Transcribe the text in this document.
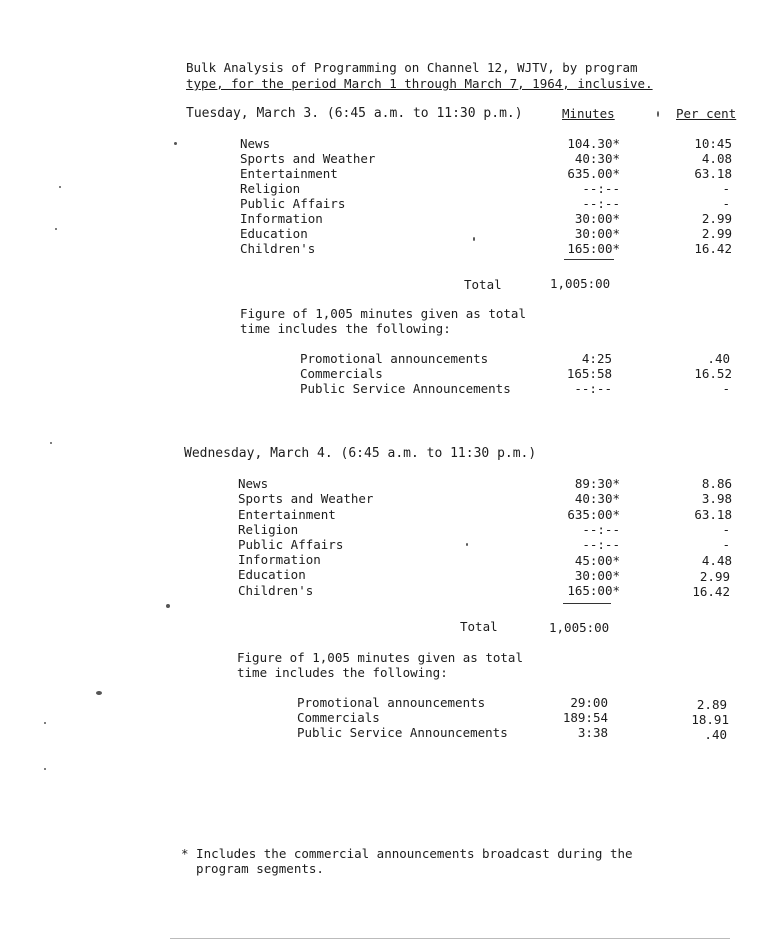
Bulk Analysis of Programming on Channel 12, WJTV, by program
type, for the period March 1 through March 7, 1964, inclusive.
Tuesday, March 3. (6:45 a.m. to 11:30 p.m.)	Minutes	Per cent
News	104.30*	10:45
Sports and Weather	40:30*	4.08
Entertainment	635.00*	63.18
Religion	--:--	-
Public Affairs	--:--	-
Information	30:00*	2.99
Education	30:00*	2.99
Children's	165:00*	16.42
Total	1,005:00
Figure of 1,005 minutes given as total
time includes the following:
Promotional announcements	4:25	.40
Commercials	165:58	16.52
Public Service Announcements	--:--	-
Wednesday, March 4. (6:45 a.m. to 11:30 p.m.)
News	89:30*	8.86
Sports and Weather	40:30*	3.98
Entertainment	635:00*	63.18
Religion	--:--	-
Public Affairs	--:--	-
Information	45:00*	4.48
Education	30:00*	2.99
Children's	165:00*	16.42
Total	1,005:00
Figure of 1,005 minutes given as total
time includes the following:
Promotional announcements	29:00	2.89
Commercials	189:54	18.91
Public Service Announcements	3:38	.40
* Includes the commercial announcements broadcast during the
program segments.
